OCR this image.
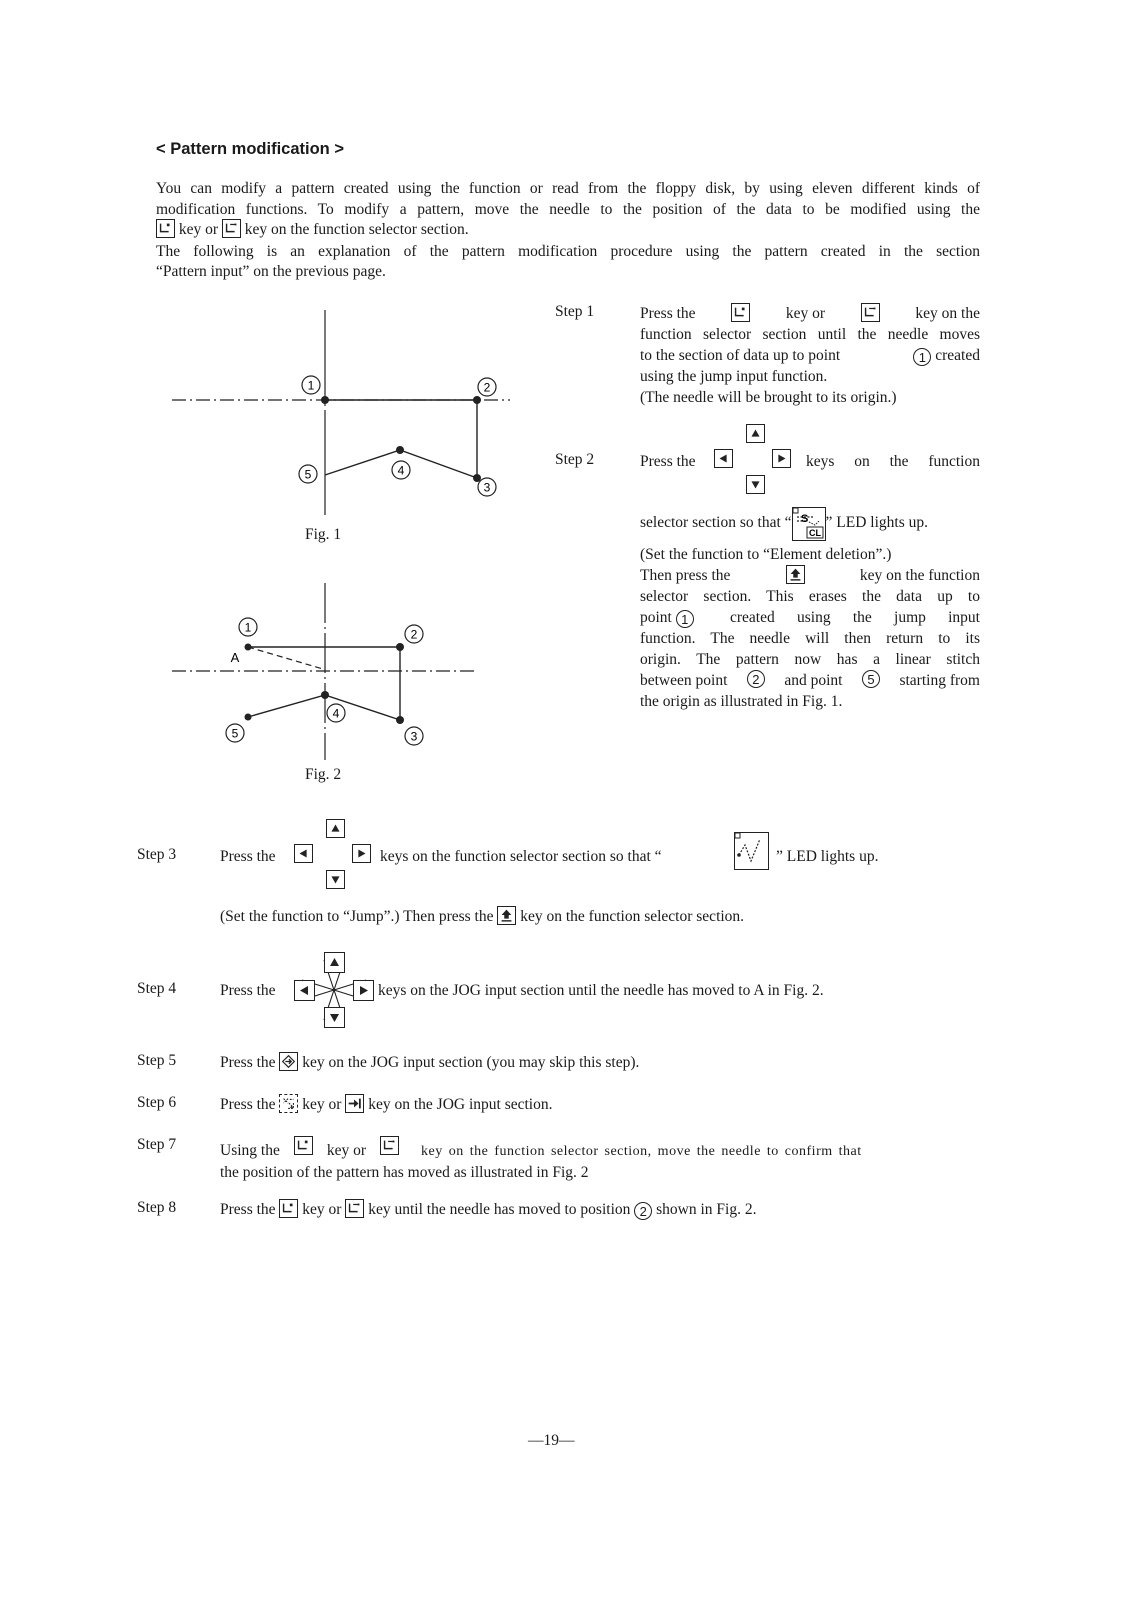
< Pattern modification >
You can modify a pattern created using the function or read from the floppy disk, by using eleven different kinds of
modification functions. To modify a pattern, move the needle to the position of the data to be modified using the
key or key on the function selector section.
The following is an explanation of the pattern modification procedure using the pattern created in the section
“Pattern input” on the previous page.
1	2
4
3
5
Fig. 1
1	2
4
3
5
A
Fig. 2
Step 1	Press the	key or	key on the
function selector section until the needle moves
to the section of data up to point	1 created
using the jump input function.
(The needle will be brought to its origin.)
Step 2	Press the	keys on the function
selector section so that “ S
CL
” LED lights up.
(Set the function to “Element deletion”.)
Then press the	key on the function
selector section. This erases the data up to
point 1	created using the jump input
function. The needle will then return to its
origin. The pattern now has a linear stitch
between point	2	and point	5	starting from
the origin as illustrated in Fig. 1.
Step 3	Press the	keys on the function selector section so that “	” LED lights up.
(Set the function to “Jump”.) Then press the key on the function selector section.
Step 4	Press the	keys on the JOG input section until the needle has moved to A in Fig. 2.
Step 5	Press the key on the JOG input section (you may skip this step).
Step 6	Press the key or key on the JOG input section.
Step 7	Using the	key or	key on the function selector section, move the needle to confirm that
the position of the pattern has moved as illustrated in Fig. 2
Step 8	Press the key or key until the needle has moved to position 2 shown in Fig. 2.
—19—
